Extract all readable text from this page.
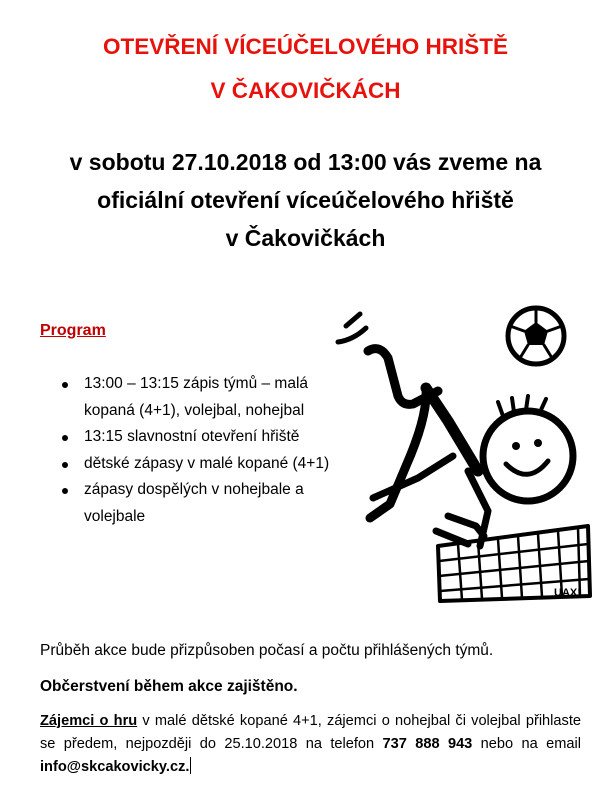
OTEVŘENÍ VÍCEÚČELOVÉHO HRIŠTĚ
V ČAKOVIČKÁCH
v sobotu 27.10.2018 od 13:00 vás zveme na
oficiální otevření víceúčelového hřiště
v Čakovičkách
Program
13:00 – 13:15 zápis týmů – malá kopaná (4+1), volejbal, nohejbal
13:15 slavnostní otevření hřiště
dětské zápasy v malé kopané (4+1)
zápasy dospělých v nohejbale a volejbale
UAX!
Průběh akce bude přizpůsoben počasí a počtu přihlášených týmů.
Občerstvení během akce zajištěno.
Zájemci o hru v malé dětské kopané 4+1, zájemci o nohejbal či volejbal přihlaste se předem, nejpozději do 25.10.2018 na telefon 737 888 943 nebo na email info@skcakovicky.cz.
